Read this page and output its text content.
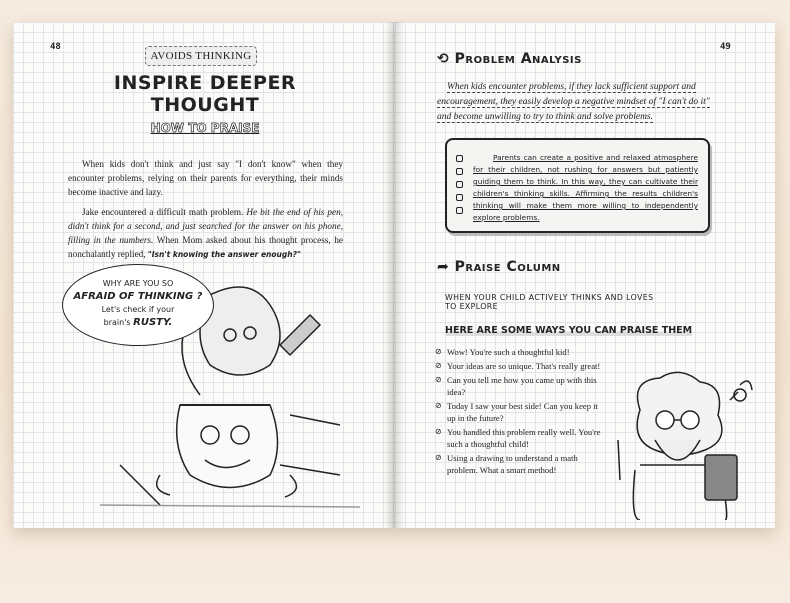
48
AVOIDS THINKING
INSPIRE DEEPER
THOUGHT
HOW TO PRAISE

When kids don't think and just say "I don't know" when they encounter problems, relying on their parents for everything, their minds become inactive and lazy.

Jake encountered a difficult math problem. He bit the end of his pen, didn't think for a second, and just searched for the answer on his phone, filling in the numbers. When Mom asked about his thought process, he nonchalantly replied, "Isn't knowing the answer enough?"

WHY ARE YOU SO
AFRAID OF THINKING ?
Let's check if your
brain's RUSTY.
49
⟲ Problem Analysis
When kids encounter problems, if they lack sufficient support and encouragement, they easily develop a negative mindset of "I can't do it" and become unwilling to try to think and solve problems.
Parents can create a positive and relaxed atmosphere for their children, not rushing for answers but patiently guiding them to think. In this way, they can cultivate their children's thinking skills. Affirming the results children's thinking will make them more willing to independently explore problems.
➦ Praise Column
WHEN YOUR CHILD ACTIVELY THINKS AND LOVES TO EXPLORE
HERE ARE SOME WAYS YOU CAN PRAISE THEM
⊘ Wow! You're such a thoughtful kid!
⊘ Your ideas are so unique. That's really great!
⊘ Can you tell me how you came up with this idea?
⊘ Today I saw your best side! Can you keep it up in the future?
⊘ You handled this problem really well. You're such a thoughtful child!
⊘ Using a drawing to understand a math problem. What a smart method!
